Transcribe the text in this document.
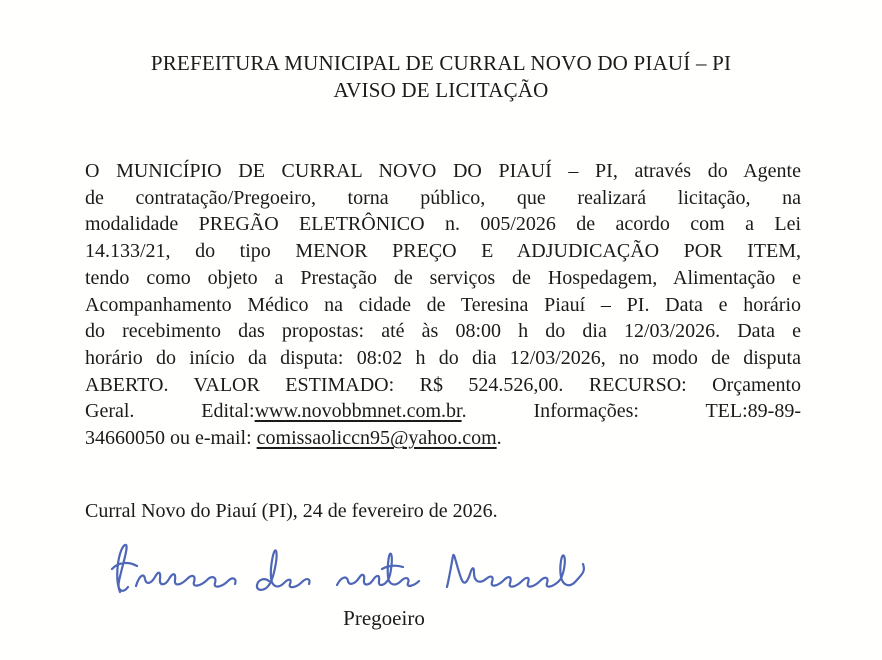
PREFEITURA MUNICIPAL DE CURRAL NOVO DO PIAUÍ – PI
AVISO DE LICITAÇÃO
O MUNICÍPIO DE CURRAL NOVO DO PIAUÍ – PI, através do Agente
de contratação/Pregoeiro, torna público, que realizará licitação, na
modalidade PREGÃO ELETRÔNICO n. 005/2026 de acordo com a Lei
14.133/21, do tipo MENOR PREÇO E ADJUDICAÇÃO POR ITEM,
tendo como objeto a Prestação de serviços de Hospedagem, Alimentação e
Acompanhamento Médico na cidade de Teresina Piauí – PI. Data e horário
do recebimento das propostas: até às 08:00 h do dia 12/03/2026. Data e
horário do início da disputa: 08:02 h do dia 12/03/2026, no modo de disputa
ABERTO. VALOR ESTIMADO: R$ 524.526,00. RECURSO: Orçamento
Geral. Edital:www.novobbmnet.com.br. Informações: TEL:89-89-
34660050 ou e-mail: comissaoliccn95@yahoo.com.
Curral Novo do Piauí (PI), 24 de fevereiro de 2026.
Pregoeiro
